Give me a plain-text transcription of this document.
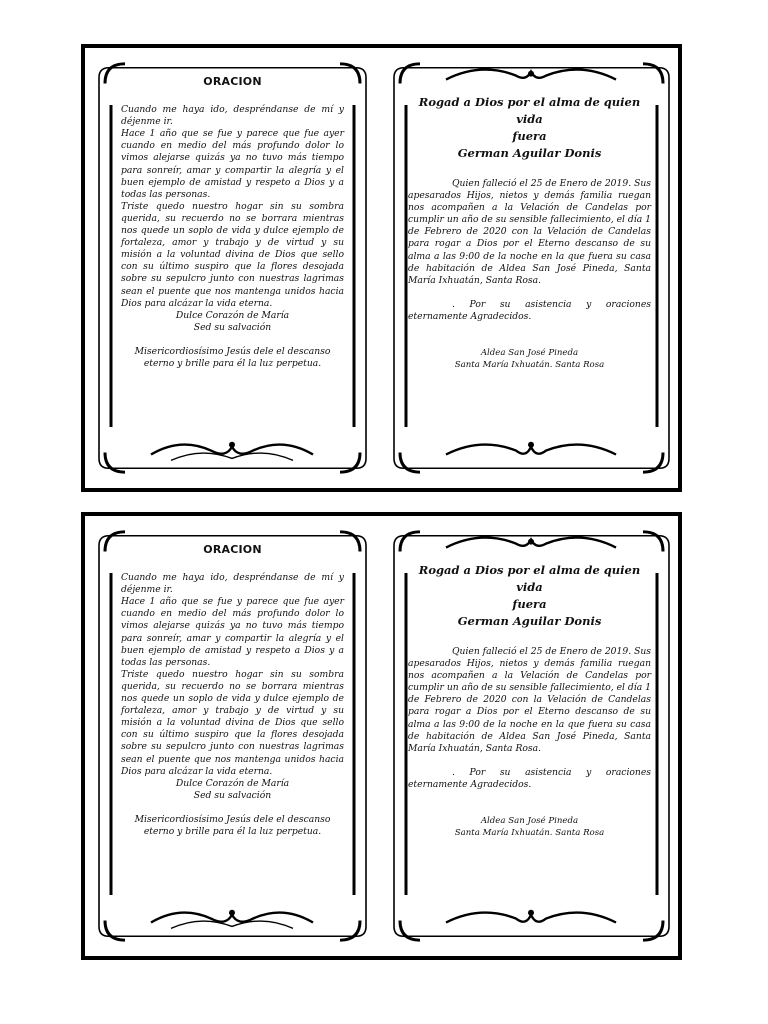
ORACION

Cuando me haya ido, despréndanse de mí y déjenme ir.

Hace 1 año que se fue y parece que fue ayer cuando en medio del más profundo dolor lo vimos alejarse quizás ya no tuvo más tiempo para sonreír, amar y compartir la alegría y el buen ejemplo de amistad y respeto a Dios y a todas las personas.

Triste quedo nuestro hogar sin su sombra querida, su recuerdo no se borrara mientras nos quede un soplo de vida y dulce ejemplo de fortaleza, amor y trabajo y de virtud y su misión a la voluntad divina de Dios que sello con su último suspiro que la flores desojada sobre su sepulcro junto con nuestras lagrimas sean el puente que nos mantenga unidos hacia Dios para alcázar la vida eterna.

Dulce Corazón de María

Sed su salvación

Misericordiosísimo Jesús dele el descanso eterno y brille para él la luz perpetua.

Rogad a Dios por el alma de quien vida
fuera
German Aguilar Donis

Quien falleció el 25 de Enero de 2019. Sus apesarados Hijos, nietos y demás familia ruegan nos acompañen a la Velación de Candelas por cumplir un año de su sensible fallecimiento, el día 1 de Febrero de 2020 con la Velación de Candelas para rogar a Dios por el Eterno descanso de su alma a las 9:00 de la noche en la que fuera su casa de habitación de Aldea San José Pineda, Santa María Ixhuatán, Santa Rosa.

. Por su asistencia y oraciones eternamente Agradecidos.

Aldea San José Pineda

Santa María Ixhuatán. Santa Rosa

ORACION

Cuando me haya ido, despréndanse de mí y déjenme ir.

Hace 1 año que se fue y parece que fue ayer cuando en medio del más profundo dolor lo vimos alejarse quizás ya no tuvo más tiempo para sonreír, amar y compartir la alegría y el buen ejemplo de amistad y respeto a Dios y a todas las personas.

Triste quedo nuestro hogar sin su sombra querida, su recuerdo no se borrara mientras nos quede un soplo de vida y dulce ejemplo de fortaleza, amor y trabajo y de virtud y su misión a la voluntad divina de Dios que sello con su último suspiro que la flores desojada sobre su sepulcro junto con nuestras lagrimas sean el puente que nos mantenga unidos hacia Dios para alcázar la vida eterna.

Dulce Corazón de María

Sed su salvación

Misericordiosísimo Jesús dele el descanso eterno y brille para él la luz perpetua.

Rogad a Dios por el alma de quien vida
fuera
German Aguilar Donis

Quien falleció el 25 de Enero de 2019. Sus apesarados Hijos, nietos y demás familia ruegan nos acompañen a la Velación de Candelas por cumplir un año de su sensible fallecimiento, el día 1 de Febrero de 2020 con la Velación de Candelas para rogar a Dios por el Eterno descanso de su alma a las 9:00 de la noche en la que fuera su casa de habitación de Aldea San José Pineda, Santa María Ixhuatán, Santa Rosa.

. Por su asistencia y oraciones eternamente Agradecidos.

Aldea San José Pineda

Santa María Ixhuatán. Santa Rosa
